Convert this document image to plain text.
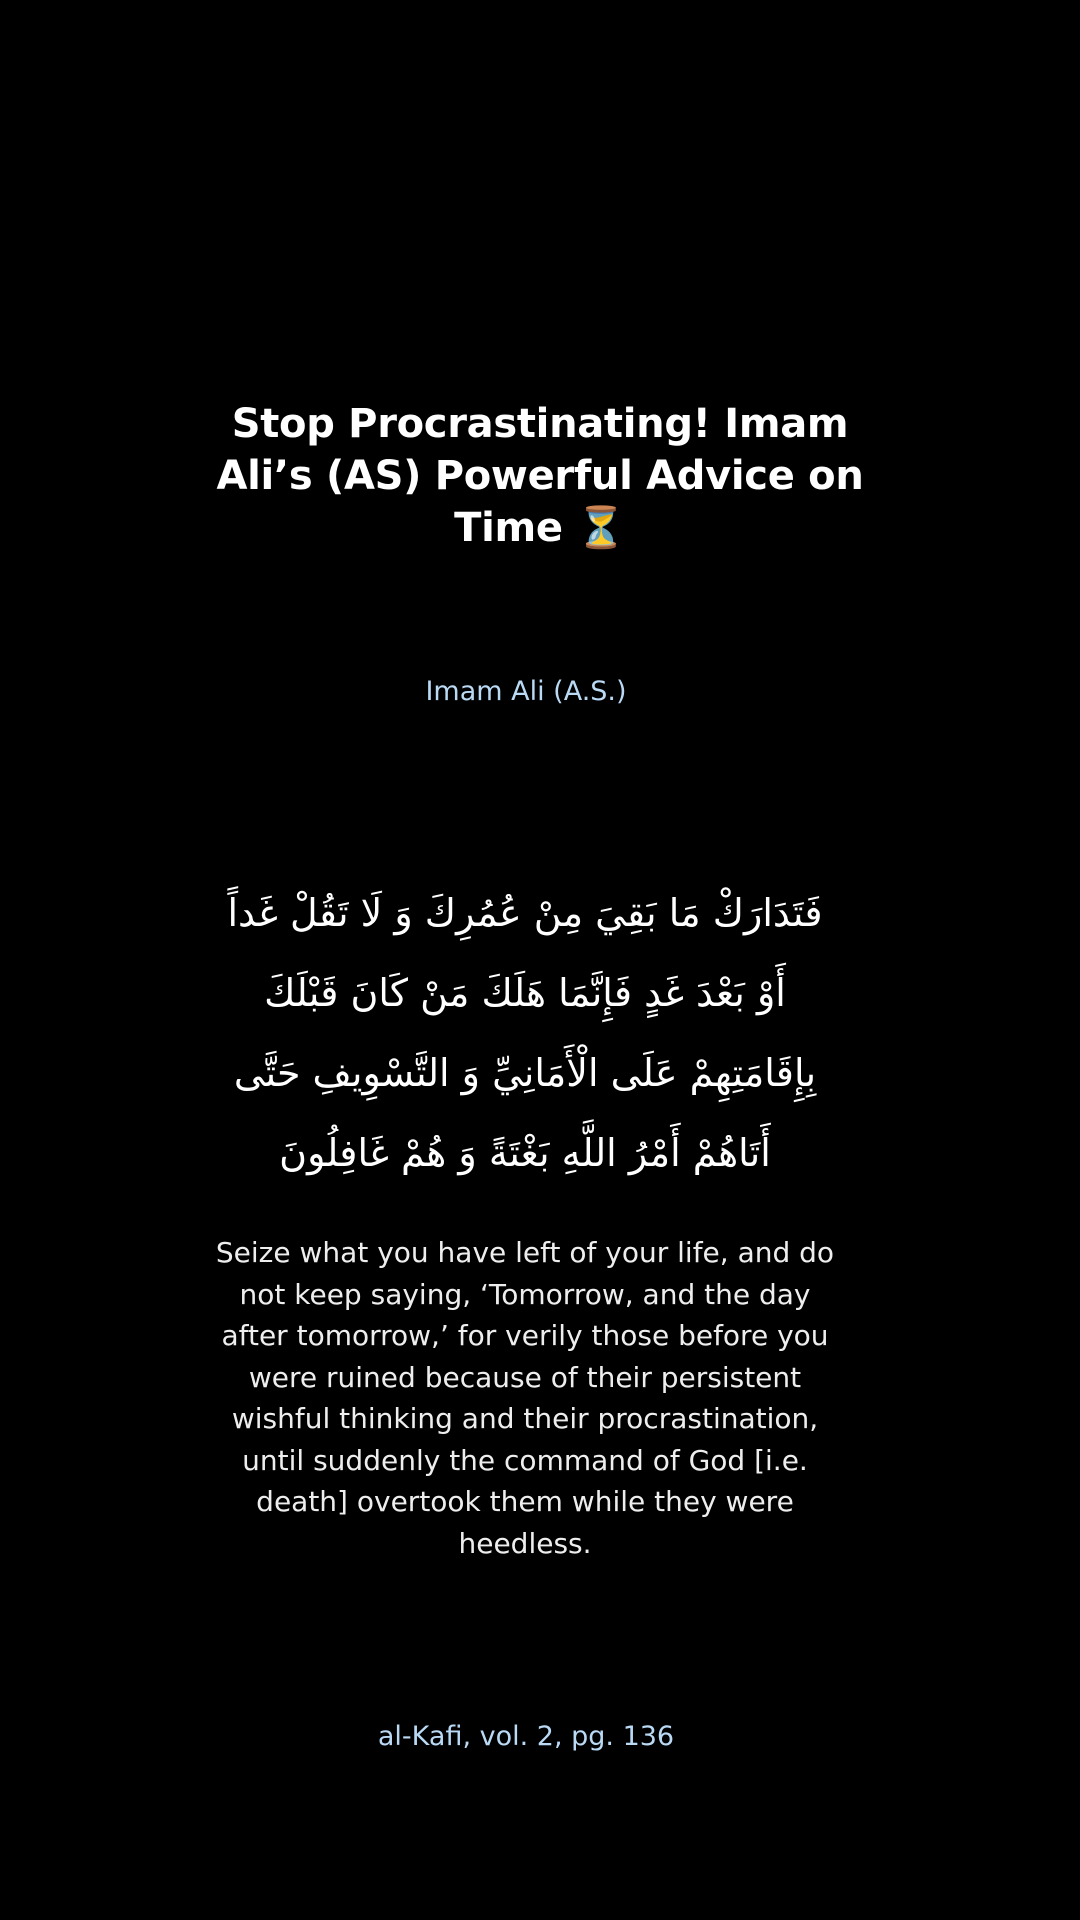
Stop Procrastinating! Imam Ali’s (AS) Powerful Advice on Time ⏳
Imam Ali (A.S.)
فَتَدَارَكْ مَا بَقِيَ مِنْ عُمُرِكَ وَ لَا تَقُلْ غَداً أَوْ بَعْدَ غَدٍ فَإِنَّمَا هَلَكَ مَنْ كَانَ قَبْلَكَ بِإِقَامَتِهِمْ عَلَى الْأَمَانِيِّ وَ التَّسْوِيفِ حَتَّى أَتَاهُمْ أَمْرُ اللَّهِ بَغْتَةً وَ هُمْ غَافِلُونَ
Seize what you have left of your life, and do not keep saying, ‘Tomorrow, and the day after tomorrow,’ for verily those before you were ruined because of their persistent wishful thinking and their procrastination, until suddenly the command of God [i.e. death] overtook them while they were heedless.
al-Kafi, vol. 2, pg. 136
